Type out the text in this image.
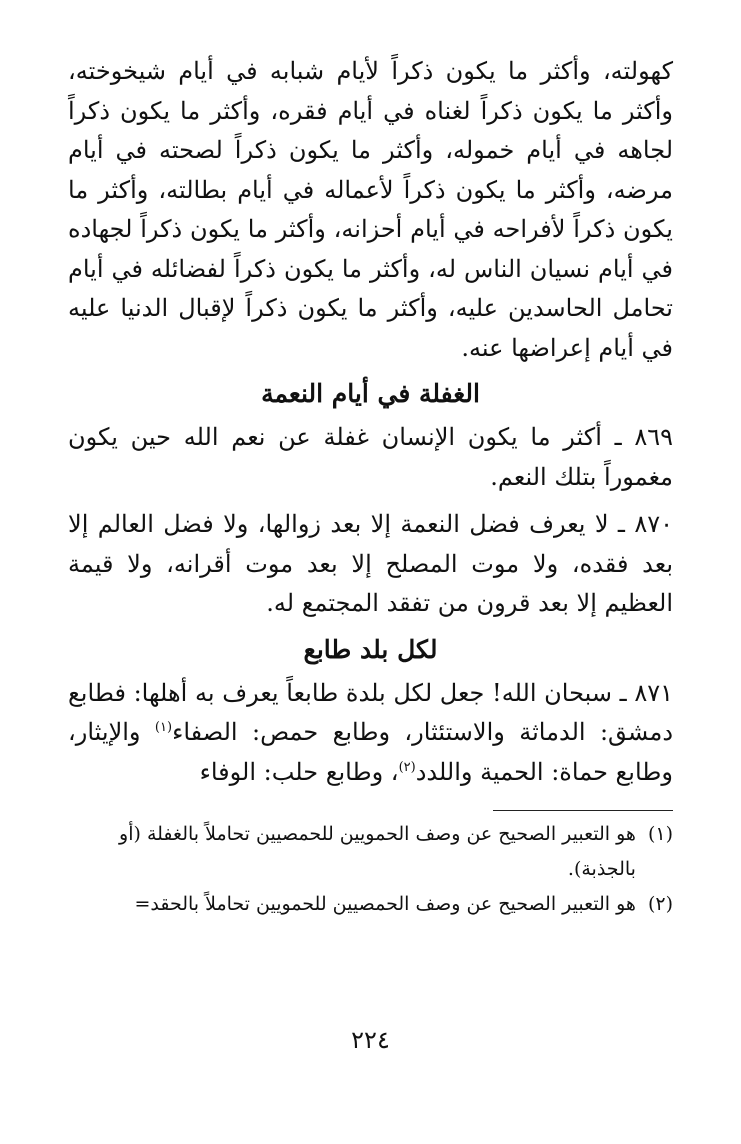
كهولته، وأكثر ما يكون ذكراً لأيام شبابه في أيام شيخوخته، وأكثر ما يكون ذكراً لغناه في أيام فقره، وأكثر ما يكون ذكراً لجاهه في أيام خموله، وأكثر ما يكون ذكراً لصحته في أيام مرضه، وأكثر ما يكون ذكراً لأعماله في أيام بطالته، وأكثر ما يكون ذكراً لأفراحه في أيام أحزانه، وأكثر ما يكون ذكراً لجهاده في أيام نسيان الناس له، وأكثر ما يكون ذكراً لفضائله في أيام تحامل الحاسدين عليه، وأكثر ما يكون ذكراً لإقبال الدنيا عليه في أيام إعراضها عنه.

الغفلة في أيام النعمة

٨٦٩ ـ أكثر ما يكون الإنسان غفلة عن نعم الله حين يكون مغموراً بتلك النعم.

٨٧٠ ـ لا يعرف فضل النعمة إلا بعد زوالها، ولا فضل العالم إلا بعد فقده، ولا موت المصلح إلا بعد موت أقرانه، ولا قيمة العظيم إلا بعد قرون من تفقد المجتمع له.

لكل بلد طابع

٨٧١ ـ سبحان الله! جعل لكل بلدة طابعاً يعرف به أهلها: فطابع دمشق: الدماثة والاستئثار، وطابع حمص: الصفاء$^{(١)}$ والإيثار، وطابع حماة: الحمية واللدد$^{(٢)}$، وطابع حلب: الوفاء

(١)
هو التعبير الصحيح عن وصف الحمويين للحمصيين تحاملاً بالغفلة (أو بالجذبة).

(٢)
هو التعبير الصحيح عن وصف الحمصيين للحمويين تحاملاً بالحقد=

٢٢٤
